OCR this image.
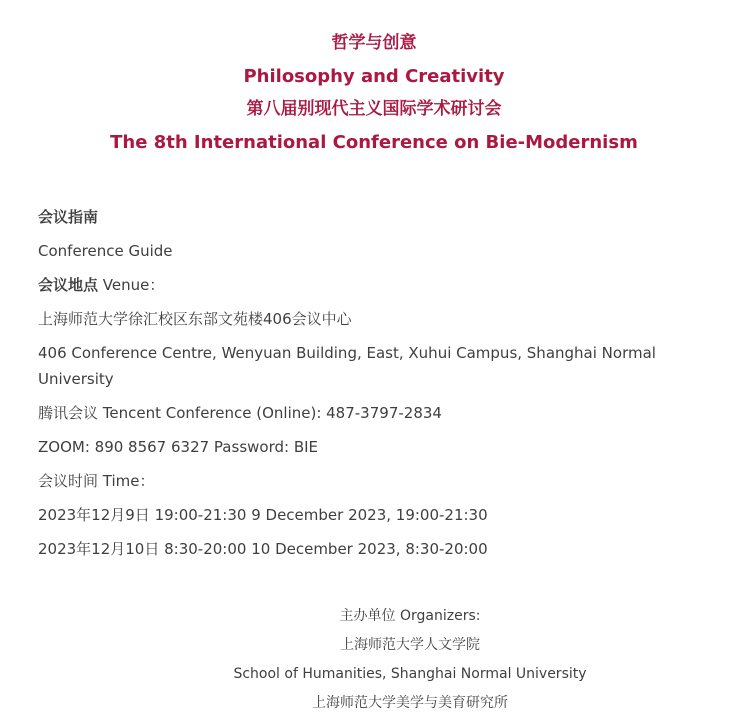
哲学与创意
Philosophy and Creativity
第八届别现代主义国际学术研讨会
The 8th International Conference on Bie-Modernism

会议指南

Conference Guide

会议地点 Venue：

上海师范大学徐汇校区东部文苑楼406会议中心

406 Conference Centre, Wenyuan Building, East, Xuhui Campus, Shanghai Normal University

腾讯会议 Tencent Conference (Online): 487-3797-2834

ZOOM: 890 8567 6327 Password: BIE

会议时间 Time：

2023年12月9日 19:00-21:30 9 December 2023, 19:00-21:30

2023年12月10日 8:30-20:00 10 December 2023, 8:30-20:00

主办单位 Organizers:

上海师范大学人文学院

School of Humanities, Shanghai Normal University

上海师范大学美学与美育研究所
